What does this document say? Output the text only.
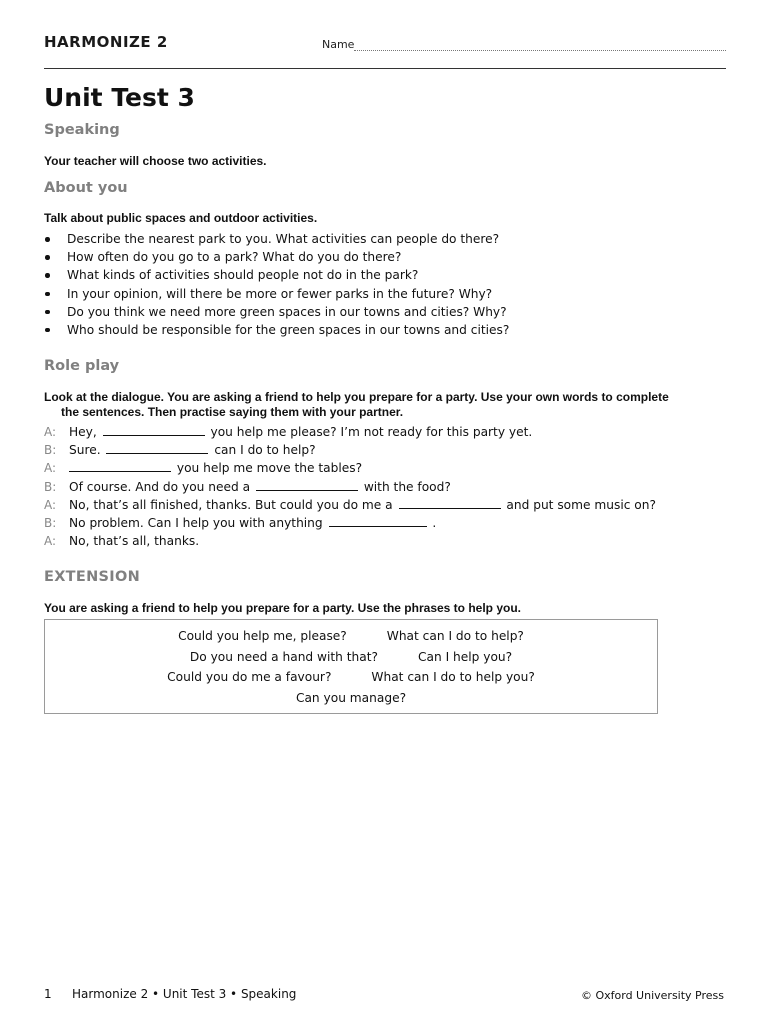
HARMONIZE 2	Name
Unit Test 3
Speaking

Your teacher will choose two activities.

About you

Talk about public spaces and outdoor activities.

Describe the nearest park to you. What activities can people do there?
How often do you go to a park? What do you do there?
What kinds of activities should people not do in the park?
In your opinion, will there be more or fewer parks in the future? Why?
Do you think we need more green spaces in our towns and cities? Why?
Who should be responsible for the green spaces in our towns and cities?
Role play

Look at the dialogue. You are asking a friend to help you prepare for a party. Use your own words to complete
the sentences. Then practise saying them with your partner.

A: Hey,	you help me please? I’m not ready for this party yet.
B: Sure.	can I do to help?
A:	you help me move the tables?
B: Of course. And do you need a	with the food?
A: No, that’s all finished, thanks. But could you do me a	and put some music on?
B: No problem. Can I help you with anything	.
A: No, that’s all, thanks.
EXTENSION

You are asking a friend to help you prepare for a party. Use the phrases to help you.

Could you help me, please?	What can I do to help?
Do you need a hand with that?	Can I help you?
Could you do me a favour?	What can I do to help you?
Can you manage?
1 Harmonize 2 • Unit Test 3 • Speaking	© Oxford University Press
